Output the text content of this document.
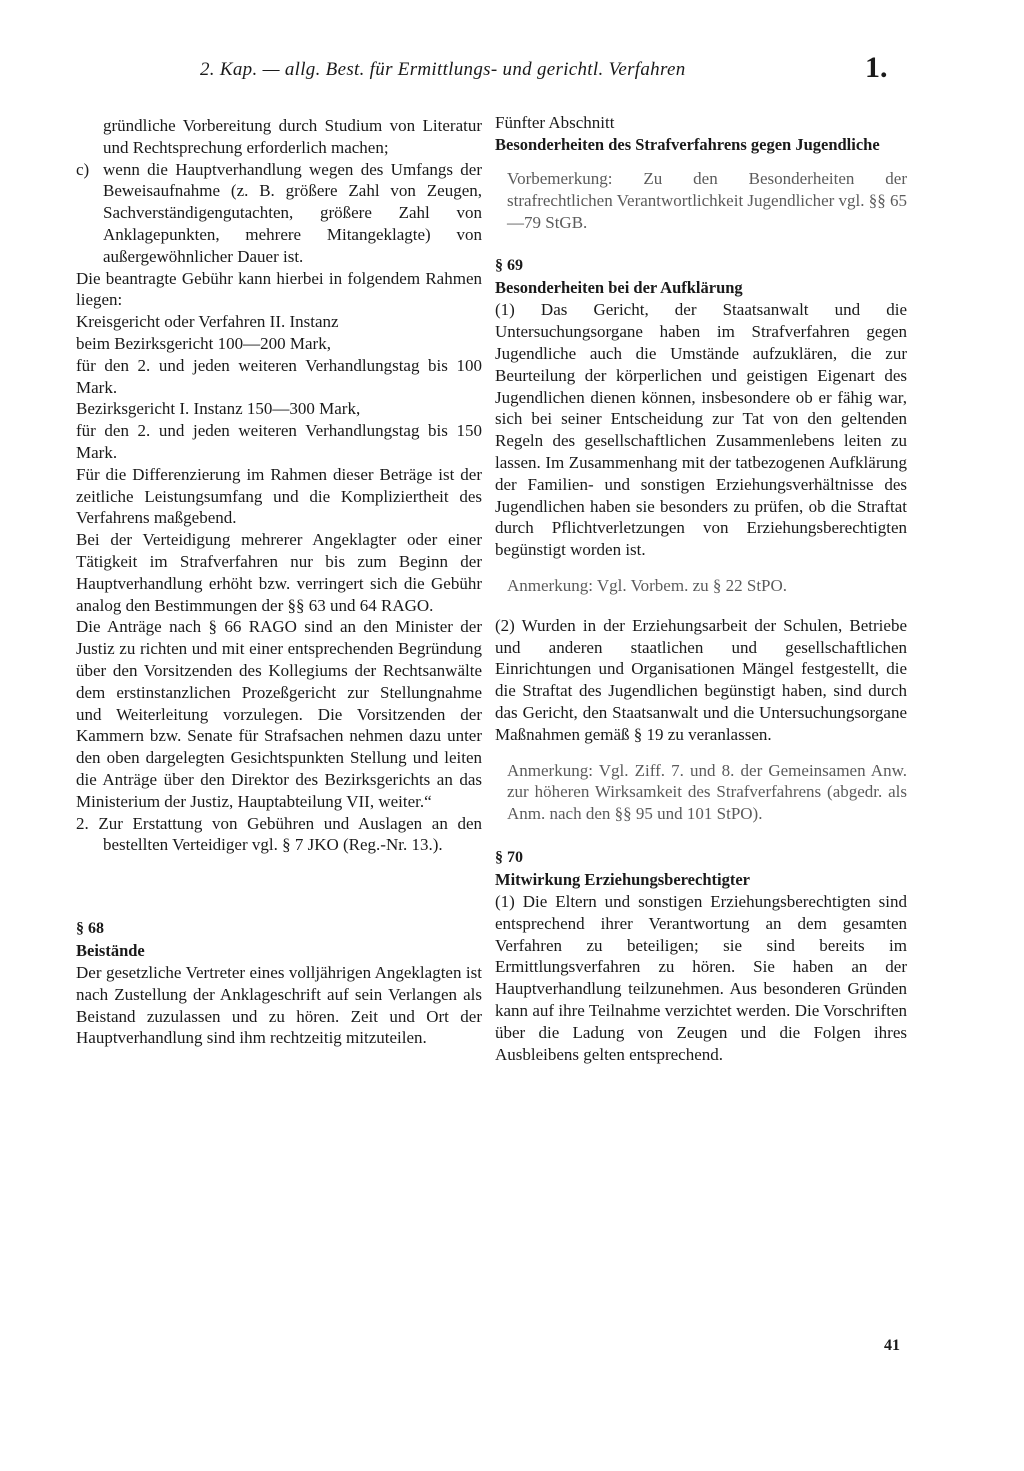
2. Kap. — allg. Best. für Ermittlungs- und gerichtl. Verfahren	1.

gründliche Vorbereitung durch Studium von Literatur und Rechtsprechung erforderlich machen;

c) wenn die Hauptverhandlung wegen des Umfangs der Beweisaufnahme (z. B. größere Zahl von Zeugen, Sachverständigengutachten, größere Zahl von Anklagepunkten, mehrere Mitangeklagte) von außergewöhnlicher Dauer ist.

Die beantragte Gebühr kann hierbei in folgendem Rahmen liegen:

Kreisgericht oder Verfahren II. Instanz

beim Bezirksgericht 100—200 Mark,

für den 2. und jeden weiteren Verhandlungstag bis 100 Mark.

Bezirksgericht I. Instanz 150—300 Mark,

für den 2. und jeden weiteren Verhandlungstag bis 150 Mark.

Für die Differenzierung im Rahmen dieser Beträge ist der zeitliche Leistungsumfang und die Kompliziertheit des Verfahrens maßgebend.

Bei der Verteidigung mehrerer Angeklagter oder einer Tätigkeit im Strafverfahren nur bis zum Beginn der Hauptverhandlung erhöht bzw. verringert sich die Gebühr analog den Bestimmungen der §§ 63 und 64 RAGO.

Die Anträge nach § 66 RAGO sind an den Minister der Justiz zu richten und mit einer entsprechenden Begründung über den Vorsitzenden des Kollegiums der Rechtsanwälte dem erstinstanzlichen Prozeßgericht zur Stellungnahme und Weiterleitung vorzulegen. Die Vorsitzenden der Kammern bzw. Senate für Strafsachen nehmen dazu unter den oben dargelegten Gesichtspunkten Stellung und leiten die Anträge über den Direktor des Bezirksgerichts an das Ministerium der Justiz, Hauptabteilung VII, weiter.“

2. Zur Erstattung von Gebühren und Auslagen an den bestellten Verteidiger vgl. § 7 JKO (Reg.-Nr. 13.).

§ 68

Beistände

Der gesetzliche Vertreter eines volljährigen Angeklagten ist nach Zustellung der Anklageschrift auf sein Verlangen als Beistand zuzulassen und zu hören. Zeit und Ort der Hauptverhandlung sind ihm rechtzeitig mitzuteilen.

Fünfter Abschnitt

Besonderheiten des Strafverfahrens gegen Jugendliche

Vorbemerkung: Zu den Besonderheiten der strafrechtlichen Verantwortlichkeit Jugendlicher vgl. §§ 65—79 StGB.

§ 69

Besonderheiten bei der Aufklärung

(1) Das Gericht, der Staatsanwalt und die Untersuchungsorgane haben im Strafverfahren gegen Jugendliche auch die Umstände aufzuklären, die zur Beurteilung der körperlichen und geistigen Eigenart des Jugendlichen dienen können, insbesondere ob er fähig war, sich bei seiner Entscheidung zur Tat von den geltenden Regeln des gesellschaftlichen Zusammenlebens leiten zu lassen. Im Zusammenhang mit der tatbezogenen Aufklärung der Familien- und sonstigen Erziehungsverhältnisse des Jugendlichen haben sie besonders zu prüfen, ob die Straftat durch Pflichtverletzungen von Erziehungsberechtigten begünstigt worden ist.

Anmerkung: Vgl. Vorbem. zu § 22 StPO.

(2) Wurden in der Erziehungsarbeit der Schulen, Betriebe und anderen staatlichen und gesellschaftlichen Einrichtungen und Organisationen Mängel festgestellt, die die Straftat des Jugendlichen begünstigt haben, sind durch das Gericht, den Staatsanwalt und die Untersuchungsorgane Maßnahmen gemäß § 19 zu veranlassen.

Anmerkung: Vgl. Ziff. 7. und 8. der Gemeinsamen Anw. zur höheren Wirksamkeit des Strafverfahrens (abgedr. als Anm. nach den §§ 95 und 101 StPO).

§ 70

Mitwirkung Erziehungsberechtigter

(1) Die Eltern und sonstigen Erziehungsberechtigten sind entsprechend ihrer Verantwortung an dem gesamten Verfahren zu beteiligen; sie sind bereits im Ermittlungsverfahren zu hören. Sie haben an der Hauptverhandlung teilzunehmen. Aus besonderen Gründen kann auf ihre Teilnahme verzichtet werden. Die Vorschriften über die Ladung von Zeugen und die Folgen ihres Ausbleibens gelten entsprechend.

41
